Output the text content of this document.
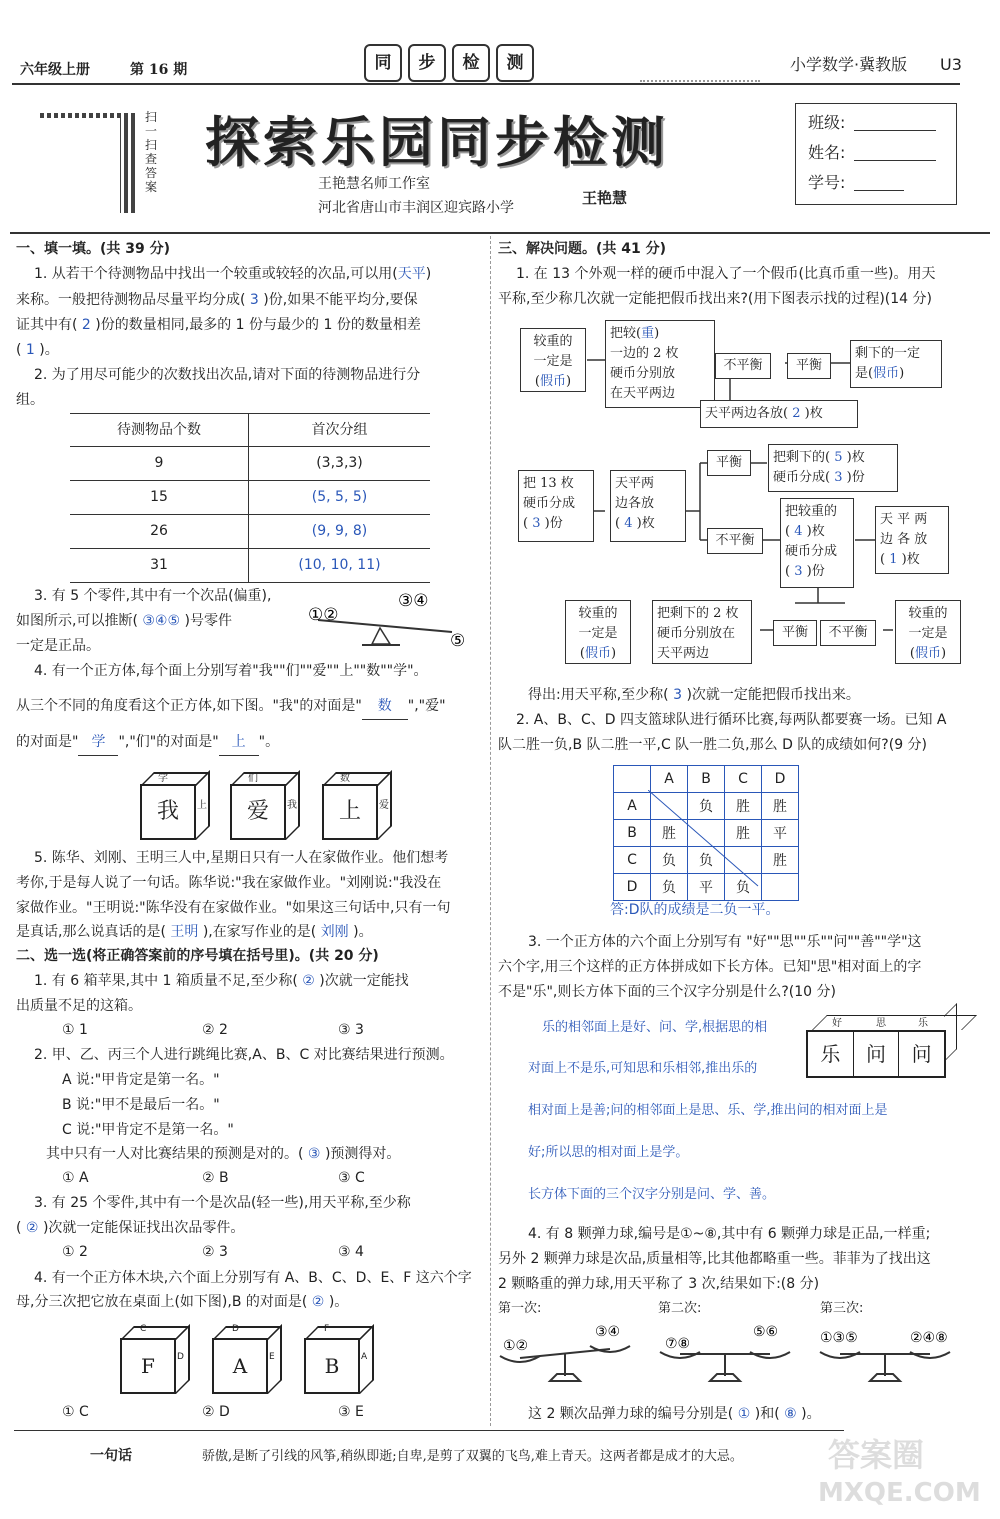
六年级上册	第 16 期	同	步	检	测	小学数学·冀教版 U3
扫一扫查答案
探索乐园同步检测
王艳慧名师工作室
河北省唐山市丰润区迎宾路小学
王艳慧
班级:
姓名:
学号:
一、填一填。(共 39 分)
1. 从若干个待测物品中找出一个较重或较轻的次品,可以用(天平)
来称。一般把待测物品尽量平均分成( 3 )份,如果不能平均分,要保
证其中有( 2 )份的数量相同,最多的 1 份与最少的 1 份的数量相差
( 1 )。
2. 为了用尽可能少的次数找出次品,请对下面的待测物品进行分
组。
待测物品个数	首次分组
9	(3,3,3)
15	(5, 5, 5)
26	(9, 9, 8)
31	(10, 10, 11)
3. 有 5 个零件,其中有一个次品(偏重),
如图所示,可以推断( ③④⑤ )号零件
一定是正品。
①②
③④
⑤
4. 有一个正方体,每个面上分别写着"我""们""爱""上""数""学"。
从三个不同的角度看这个正方体,如下图。"我"的对面是" 数 ","爱"
的对面是" 学 ","们"的对面是" 上 "。
我	爱	上
学
上
们
我
数
爱
5. 陈华、刘刚、王明三人中,星期日只有一人在家做作业。他们想考
考你,于是每人说了一句话。陈华说:"我在家做作业。"刘刚说:"我没在
家做作业。"王明说:"陈华没有在家做作业。"如果这三句话中,只有一句
是真话,那么说真话的是( 王明 ),在家写作业的是( 刘刚 )。
二、选一选(将正确答案前的序号填在括号里)。(共 20 分)
1. 有 6 箱苹果,其中 1 箱质量不足,至少称( ② )次就一定能找
出质量不足的这箱。
① 1	② 2	③ 3
2. 甲、乙、丙三个人进行跳绳比赛,A、B、C 对比赛结果进行预测。
A 说:"甲肯定是第一名。"
B 说:"甲不是最后一名。"
C 说:"甲肯定不是第一名。"
其中只有一人对比赛结果的预测是对的。( ③ )预测得对。
① A	② B	③ C
3. 有 25 个零件,其中有一个是次品(轻一些),用天平称,至少称
( ② )次就一定能保证找出次品零件。
① 2	② 3	③ 4
4. 有一个正方体木块,六个面上分别写有 A、B、C、D、E、F 这六个字
母,分三次把它放在桌面上(如下图),B 的对面是( ② )。
F	A	B
C
D
D
E
F
A
① C	② D	③ E
三、解决问题。(共 41 分)
1. 在 13 个外观一样的硬币中混入了一个假币(比真币重一些)。用天
平称,至少称几次就一定能把假币找出来?(用下图表示找的过程)(14 分)
较重的
一定是
(假币)
把较(重)
一边的 2 枚
硬币分别放
在天平两边
不平衡	平衡
剩下的一定
是(假币)
天平两边各放( 2 )枚
把 13 枚
硬币分成
( 3 )份
天平两
边各放
( 4 )枚
平衡
不平衡
把剩下的( 5 )枚
硬币分成( 3 )份
把较重的
( 4 )枚
硬币分成
( 3 )份
天 平 两
边 各 放
( 1 )枚
较重的
一定是
(假币)
把剩下的 2 枚
硬币分别放在
天平两边
平衡	不平衡
较重的
一定是
(假币)
得出:用天平称,至少称( 3 )次就一定能把假币找出来。
2. A、B、C、D 四支篮球队进行循环比赛,每两队都要赛一场。已知 A
队二胜一负,B 队二胜一平,C 队一胜二负,那么 D 队的成绩如何?(9 分)
	A	B	C	D
A		负	胜	胜
B	胜		胜	平
C	负	负		胜
D	负	平	负	
答:D队的成绩是二负一平。
3. 一个正方体的六个面上分别写有 "好""思""乐""问""善""学"这
六个字,用三个这样的正方体拼成如下长方体。已知"思"相对面上的字
不是"乐",则长方体下面的三个汉字分别是什么?(10 分)
乐的相邻面上是好、问、学,根据思的相
对面上不是乐,可知思和乐相邻,推出乐的
相对面上是善;问的相邻面上是思、乐、学,推出问的相对面上是
好;所以思的相对面上是学。
长方体下面的三个汉字分别是问、学、善。
乐	问	问
好	思	乐
4. 有 8 颗弹力球,编号是①~⑧,其中有 6 颗弹力球是正品,一样重;
另外 2 颗弹力球是次品,质量相等,比其他都略重一些。菲菲为了找出这
2 颗略重的弹力球,用天平称了 3 次,结果如下:(8 分)
第一次:	第二次:	第三次:
①②
③④
⑦⑧
⑤⑥	①③⑤	②④⑧
这 2 颗次品弹力球的编号分别是( ① )和( ⑧ )。
一句话	骄傲,是断了引线的风筝,稍纵即逝;自卑,是剪了双翼的飞鸟,难上青天。这两者都是成才的大忌。	答案圈
MXQE.COM
